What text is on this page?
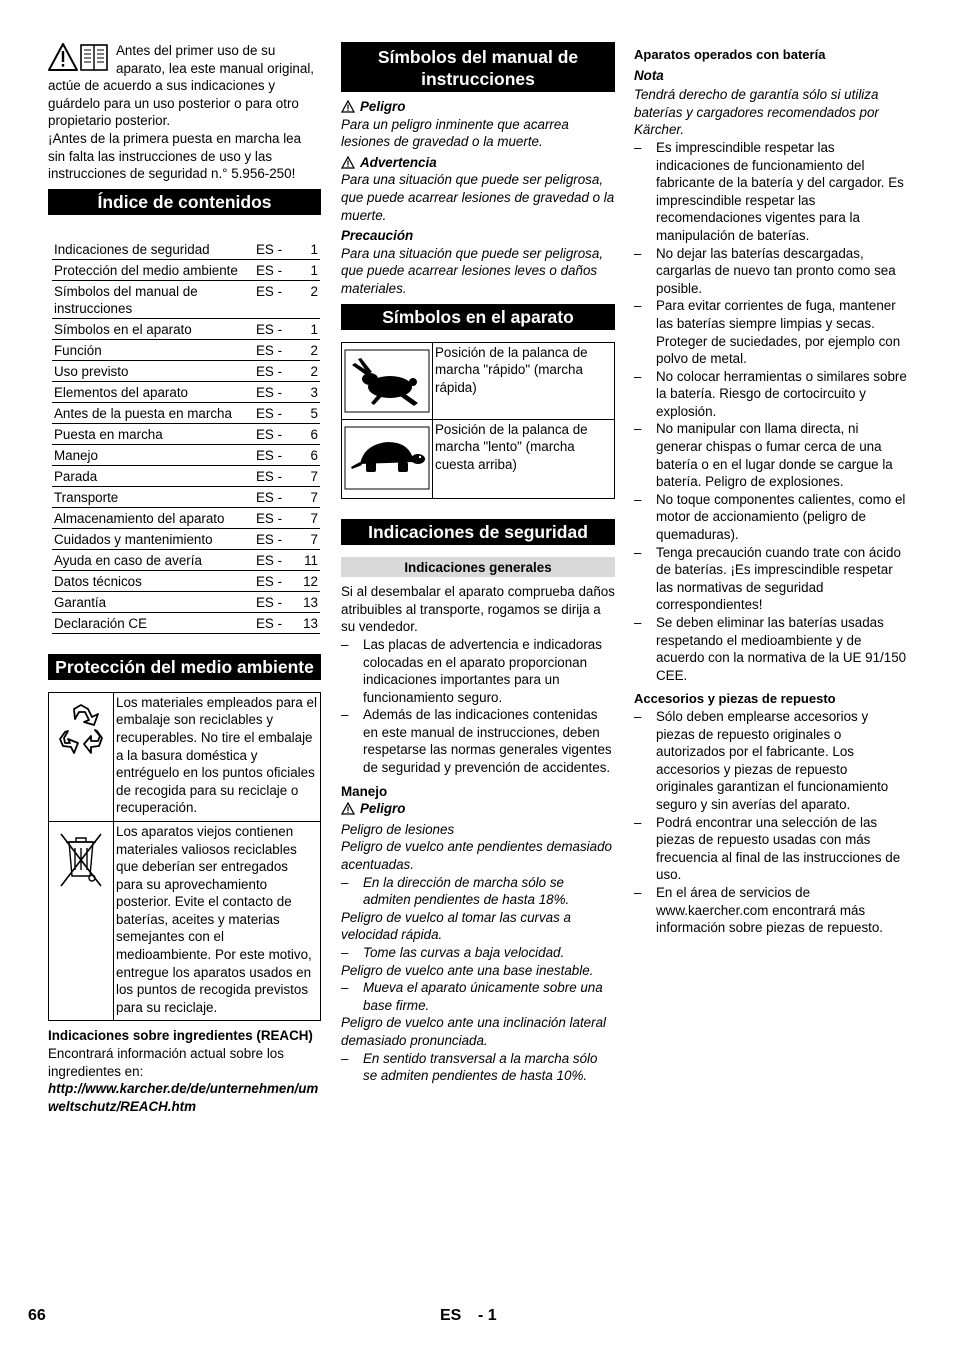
Antes del primer uso de su aparato, lea este manual original, actúe de acuerdo a sus indicaciones y guárdelo para un uso posterior o para otro propietario posterior.

¡Antes de la primera puesta en marcha lea sin falta las instrucciones de uso y las instrucciones de seguridad n.° 5.956-250!

Índice de contenidos
Indicaciones de seguridad	ES -	1
Protección del medio ambiente	ES -	1
Símbolos del manual de instrucciones	ES -	2
Símbolos en el aparato	ES -	1
Función	ES -	2
Uso previsto	ES -	2
Elementos del aparato	ES -	3
Antes de la puesta en marcha	ES -	5
Puesta en marcha	ES -	6
Manejo	ES -	6
Parada	ES -	7
Transporte	ES -	7
Almacenamiento del aparato	ES -	7
Cuidados y mantenimiento	ES -	7
Ayuda en caso de avería	ES -	11
Datos técnicos	ES -	12
Garantía	ES -	13
Declaración CE	ES -	13
Protección del medio ambiente
Los materiales empleados para el embalaje son reciclables y recuperables. No tire el embalaje a la basura doméstica y entréguelo en los puntos oficiales de recogida para su reciclaje o recuperación.
Los aparatos viejos contienen materiales valiosos reciclables que deberían ser entregados para su aprovechamiento posterior. Evite el contacto de baterías, aceites y materias semejantes con el medioambiente. Por este motivo, entregue los aparatos usados en los puntos de recogida previstos para su reciclaje.

Indicaciones sobre ingredientes (REACH)

Encontrará información actual sobre los ingredientes en:

http://www.karcher.de/de/unternehmen/umweltschutz/REACH.htm

Símbolos del manual de instrucciones

Peligro

Para un peligro inminente que acarrea lesiones de gravedad o la muerte.

Advertencia

Para una situación que puede ser peligrosa, que puede acarrear lesiones de gravedad o la muerte.

Precaución

Para una situación que puede ser peligrosa, que puede acarrear lesiones leves o daños materiales.

Símbolos en el aparato
Posición de la palanca de marcha "rápido" (marcha rápida)
Posición de la palanca de marcha "lento" (marcha cuesta arriba)
Indicaciones de seguridad
Indicaciones generales

Si al desembalar el aparato comprueba daños atribuibles al transporte, rogamos se dirija a su vendedor.

– Las placas de advertencia e indicadoras colocadas en el aparato proporcionan indicaciones importantes para un funcionamiento seguro.
– Además de las indicaciones contenidas en este manual de instrucciones, deben respetarse las normas generales vigentes de seguridad y prevención de accidentes.

Manejo

Peligro

Peligro de lesiones

Peligro de vuelco ante pendientes demasiado acentuadas.

– En la dirección de marcha sólo se admiten pendientes de hasta 18%.

Peligro de vuelco al tomar las curvas a velocidad rápida.

– Tome las curvas a baja velocidad.

Peligro de vuelco ante una base inestable.

– Mueva el aparato únicamente sobre una base firme.

Peligro de vuelco ante una inclinación lateral demasiado pronunciada.

– En sentido transversal a la marcha sólo se admiten pendientes de hasta 10%.

Aparatos operados con batería

Nota

Tendrá derecho de garantía sólo si utiliza baterías y cargadores recomendados por Kärcher.

– Es imprescindible respetar las indicaciones de funcionamiento del fabricante de la batería y del cargador. Es imprescindible respetar las recomendaciones vigentes para la manipulación de baterías.
– No dejar las baterías descargadas, cargarlas de nuevo tan pronto como sea posible.
– Para evitar corrientes de fuga, mantener las baterías siempre limpias y secas. Proteger de suciedades, por ejemplo con polvo de metal.
– No colocar herramientas o similares sobre la batería. Riesgo de cortocircuito y explosión.
– No manipular con llama directa, ni generar chispas o fumar cerca de una batería o en el lugar donde se cargue la batería. Peligro de explosiones.
– No toque componentes calientes, como el motor de accionamiento (peligro de quemaduras).
– Tenga precaución cuando trate con ácido de baterías. ¡Es imprescindible respetar las normativas de seguridad correspondientes!
– Se deben eliminar las baterías usadas respetando el medioambiente y de acuerdo con la normativa de la UE 91/150 CEE.

Accesorios y piezas de repuesto

– Sólo deben emplearse accesorios y piezas de repuesto originales o autorizados por el fabricante. Los accesorios y piezas de repuesto originales garantizan el funcionamiento seguro y sin averías del aparato.
– Podrá encontrar una selección de las piezas de repuesto usadas con más frecuencia al final de las instrucciones de uso.
– En el área de servicios de www.kaercher.com encontrará más información sobre piezas de repuesto.
66	ES - 1
